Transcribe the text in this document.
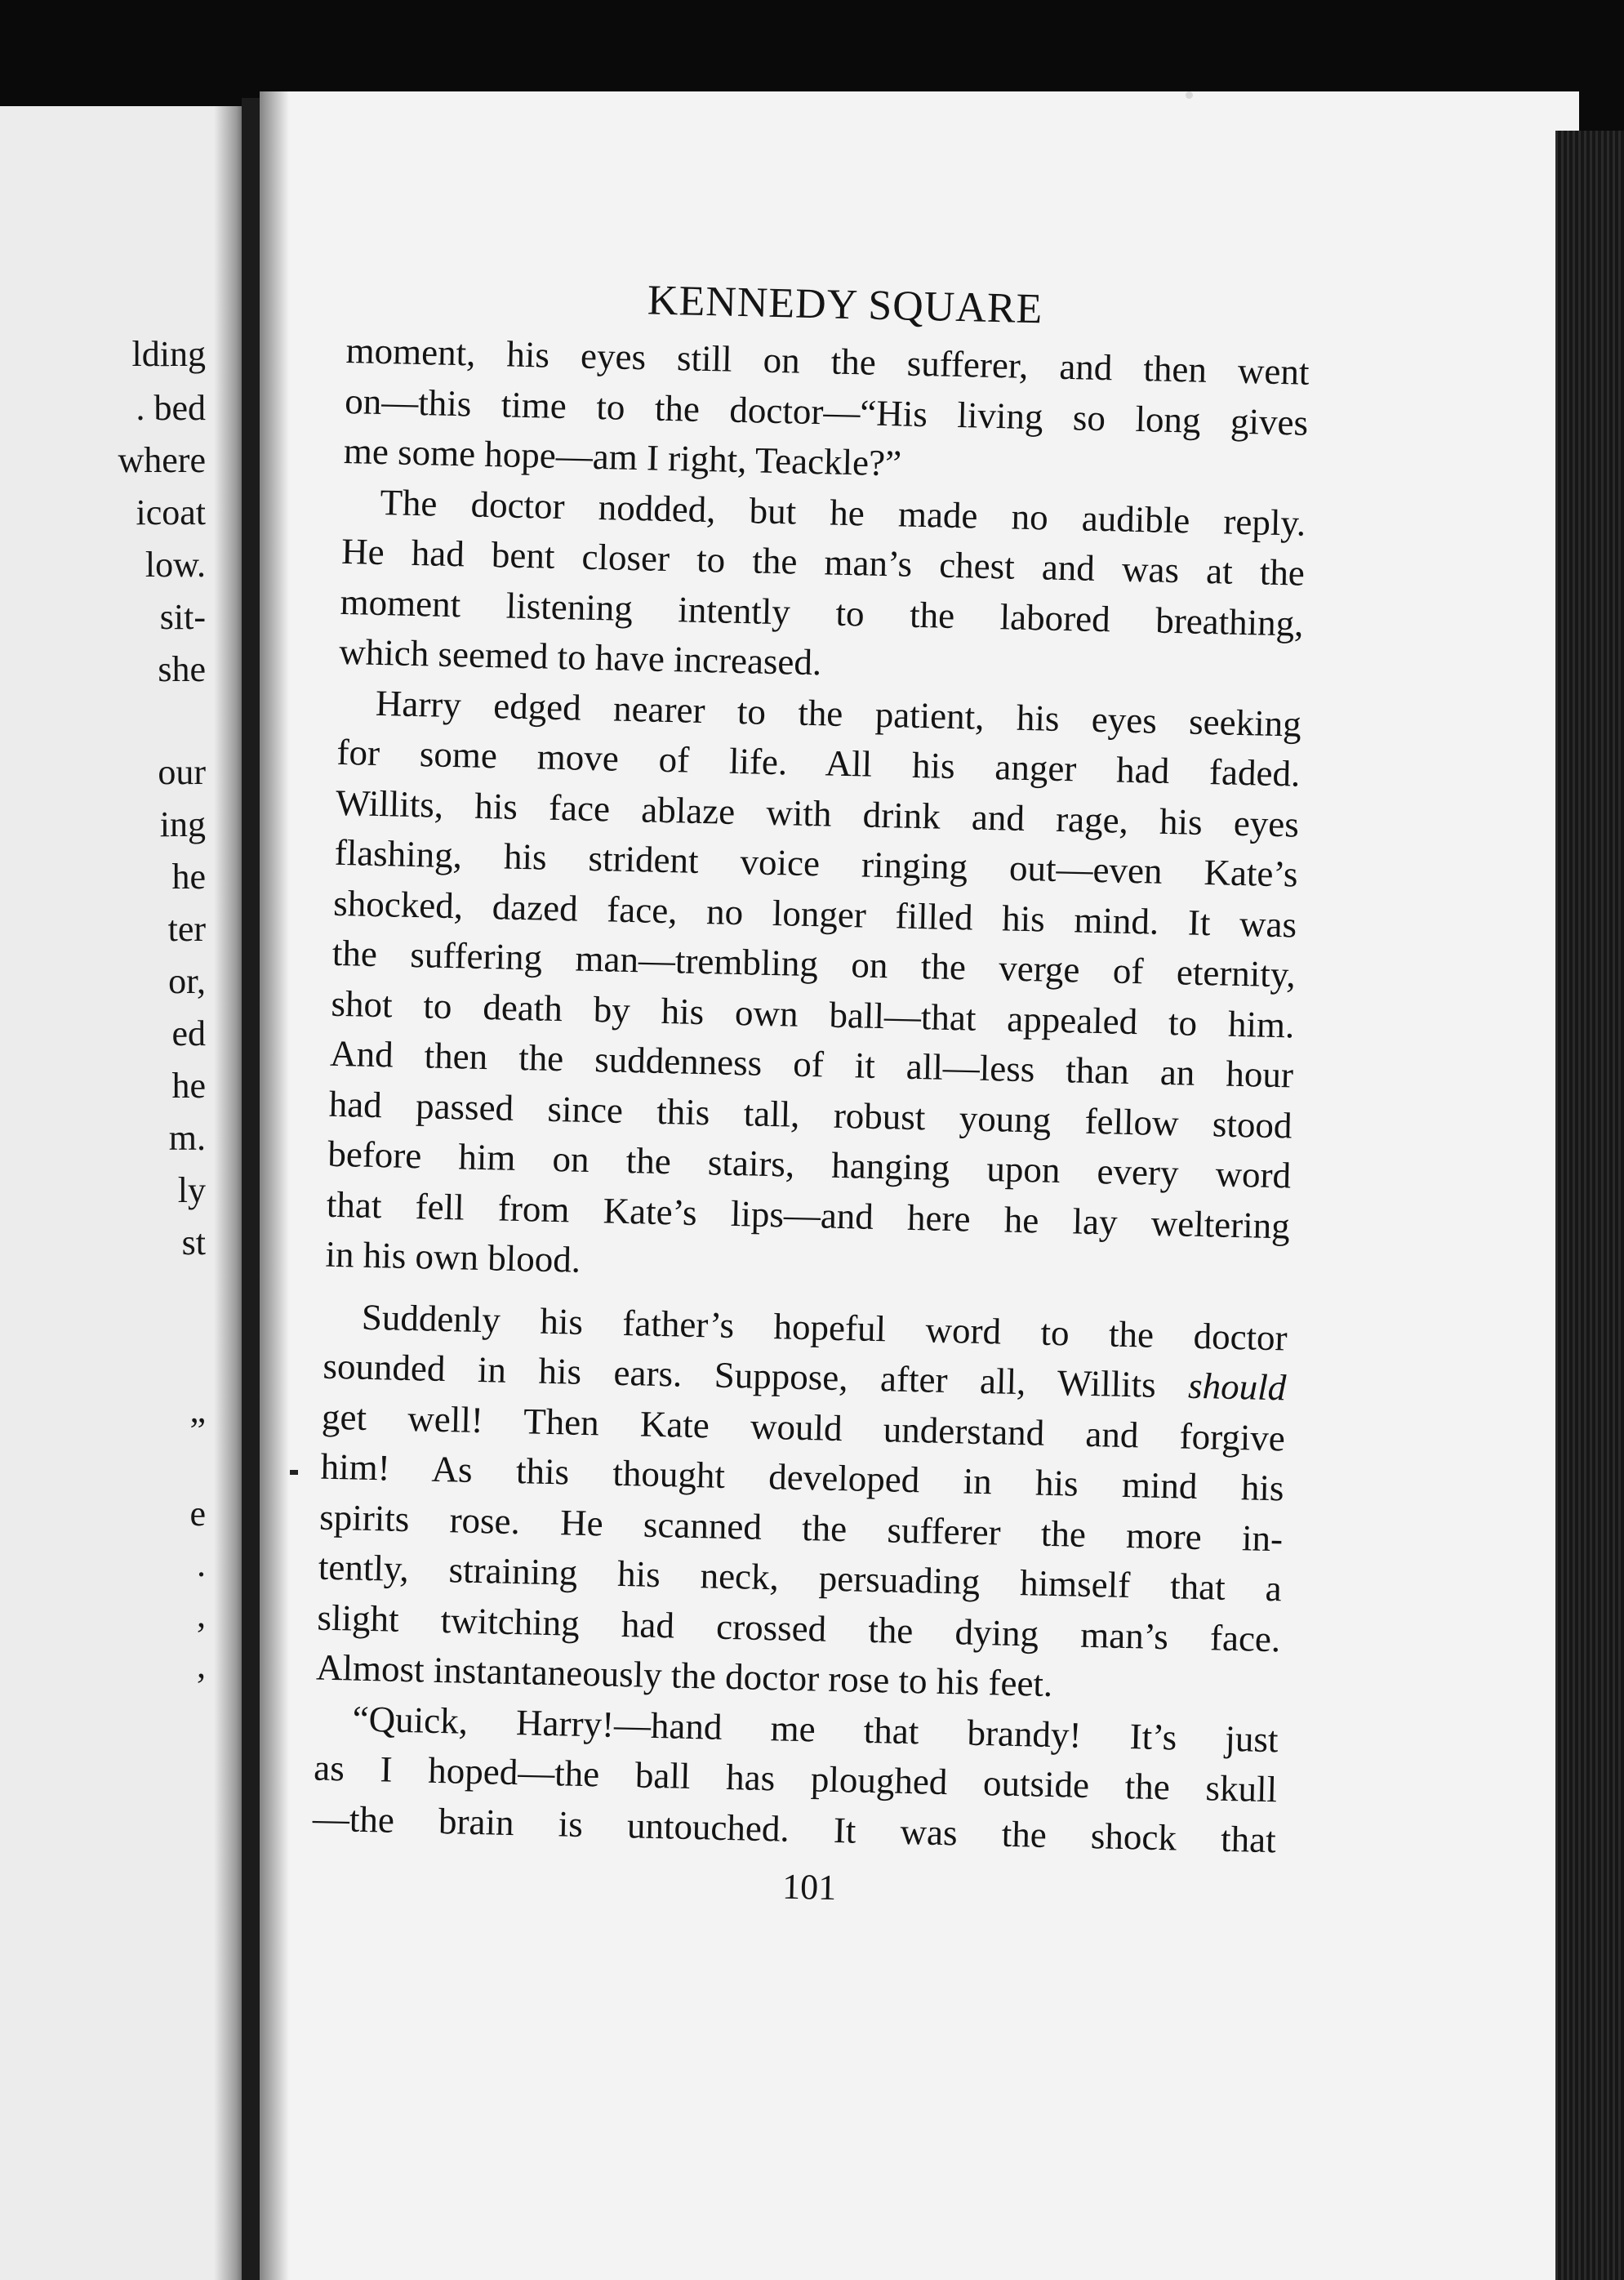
lding
. bed
where
icoat
low.
sit-
she
our
ing
he
ter
or,
ed
he
m.
ly
st
”
e
.
,
,
KENNEDY SQUARE
moment, his eyes still on the sufferer, and then went
on—this time to the doctor—“His living so long gives
me some hope—am I right, Teackle?”
The doctor nodded, but he made no audible reply.
He had bent closer to the man’s chest and was at the
moment listening intently to the labored breathing,
which seemed to have increased.
Harry edged nearer to the patient, his eyes seeking
for some move of life. All his anger had faded.
Willits, his face ablaze with drink and rage, his eyes
flashing, his strident voice ringing out—even Kate’s
shocked, dazed face, no longer filled his mind. It was
the suffering man—trembling on the verge of eternity,
shot to death by his own ball—that appealed to him.
And then the suddenness of it all—less than an hour
had passed since this tall, robust young fellow stood
before him on the stairs, hanging upon every word
that fell from Kate’s lips—and here he lay weltering
in his own blood.
Suddenly his father’s hopeful word to the doctor
sounded in his ears. Suppose, after all, Willits should
get well! Then Kate would understand and forgive
him! As this thought developed in his mind his
spirits rose. He scanned the sufferer the more in-
tently, straining his neck, persuading himself that a
slight twitching had crossed the dying man’s face.
Almost instantaneously the doctor rose to his feet.
“Quick, Harry!—hand me that brandy! It’s just
as I hoped—the ball has ploughed outside the skull
—the brain is untouched. It was the shock that
101
